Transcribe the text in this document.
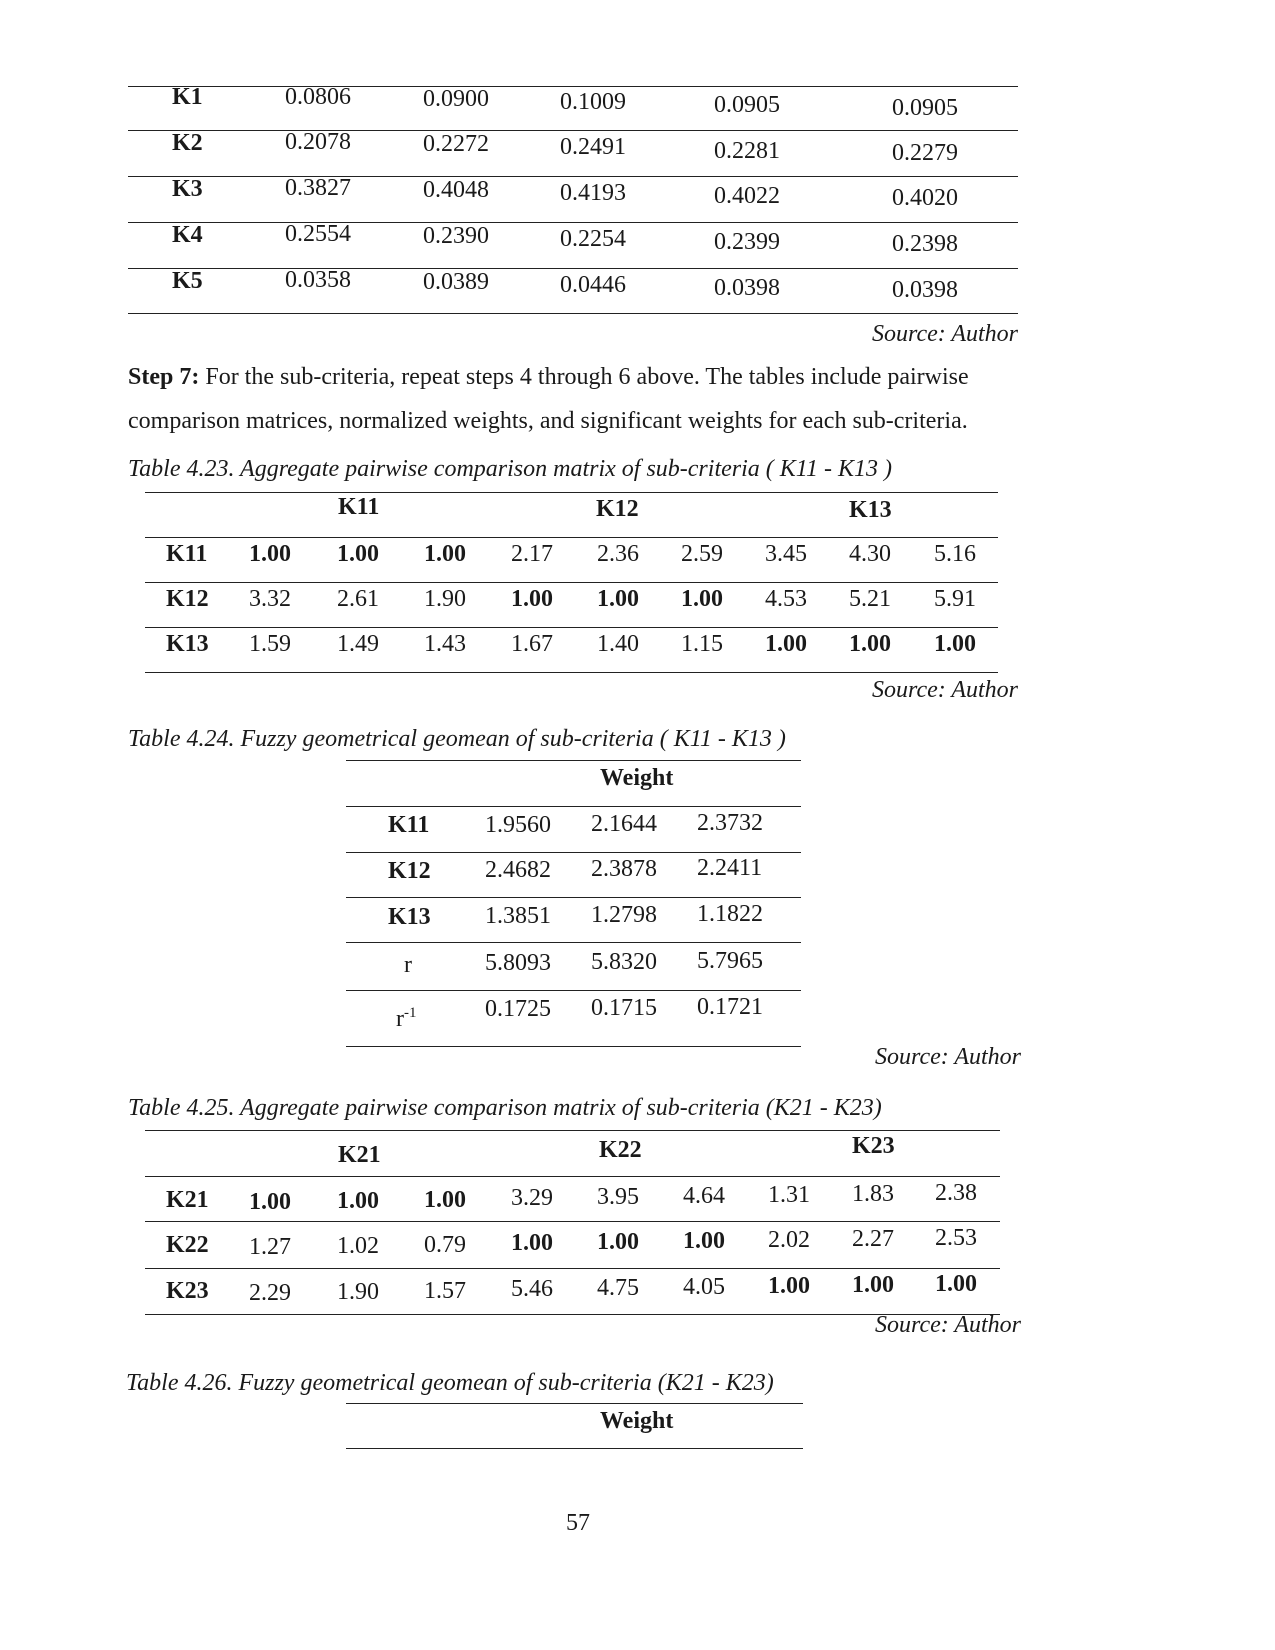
K1	0.0806	0.0900	0.1009	0.0905	0.0905
K2	0.2078	0.2272	0.2491	0.2281	0.2279
K3	0.3827	0.4048	0.4193	0.4022	0.4020
K4	0.2554	0.2390	0.2254	0.2399	0.2398
K5	0.0358	0.0389	0.0446	0.0398	0.0398
Source: Author
Step 7: For the sub-criteria, repeat steps 4 through 6 above. The tables include pairwise comparison matrices, normalized weights, and significant weights for each sub-criteria.
Table 4.23. Aggregate pairwise comparison matrix of sub-criteria ( K11 - K13 )
K11	K12	K13
K11 1.00 1.00 1.00 2.17 2.36 2.59 3.45 4.30 5.16
K12 3.32 2.61 1.90 1.00 1.00 1.00 4.53 5.21 5.91
K13 1.59 1.49 1.43 1.67 1.40 1.15 1.00 1.00 1.00
Source: Author
Table 4.24. Fuzzy geometrical geomean of sub-criteria ( K11 - K13 )
Weight
K11 1.9560 2.1644 2.3732
K12 2.4682 2.3878 2.2411
K13 1.3851 1.2798 1.1822
r	5.8093 5.8320 5.7965
$r^{-1}$	0.1725 0.1715 0.1721
Source: Author
Table 4.25. Aggregate pairwise comparison matrix of sub-criteria (K21 - K23)
K21	K22	K23
K21 1.00 1.00 1.00 3.29 3.95 4.64 1.31 1.83 2.38
K22 1.27 1.02 0.79 1.00 1.00 1.00 2.02 2.27 2.53
K23 2.29 1.90 1.57 5.46 4.75 4.05 1.00 1.00 1.00
Source: Author
Table 4.26. Fuzzy geometrical geomean of sub-criteria (K21 - K23)
Weight
57
